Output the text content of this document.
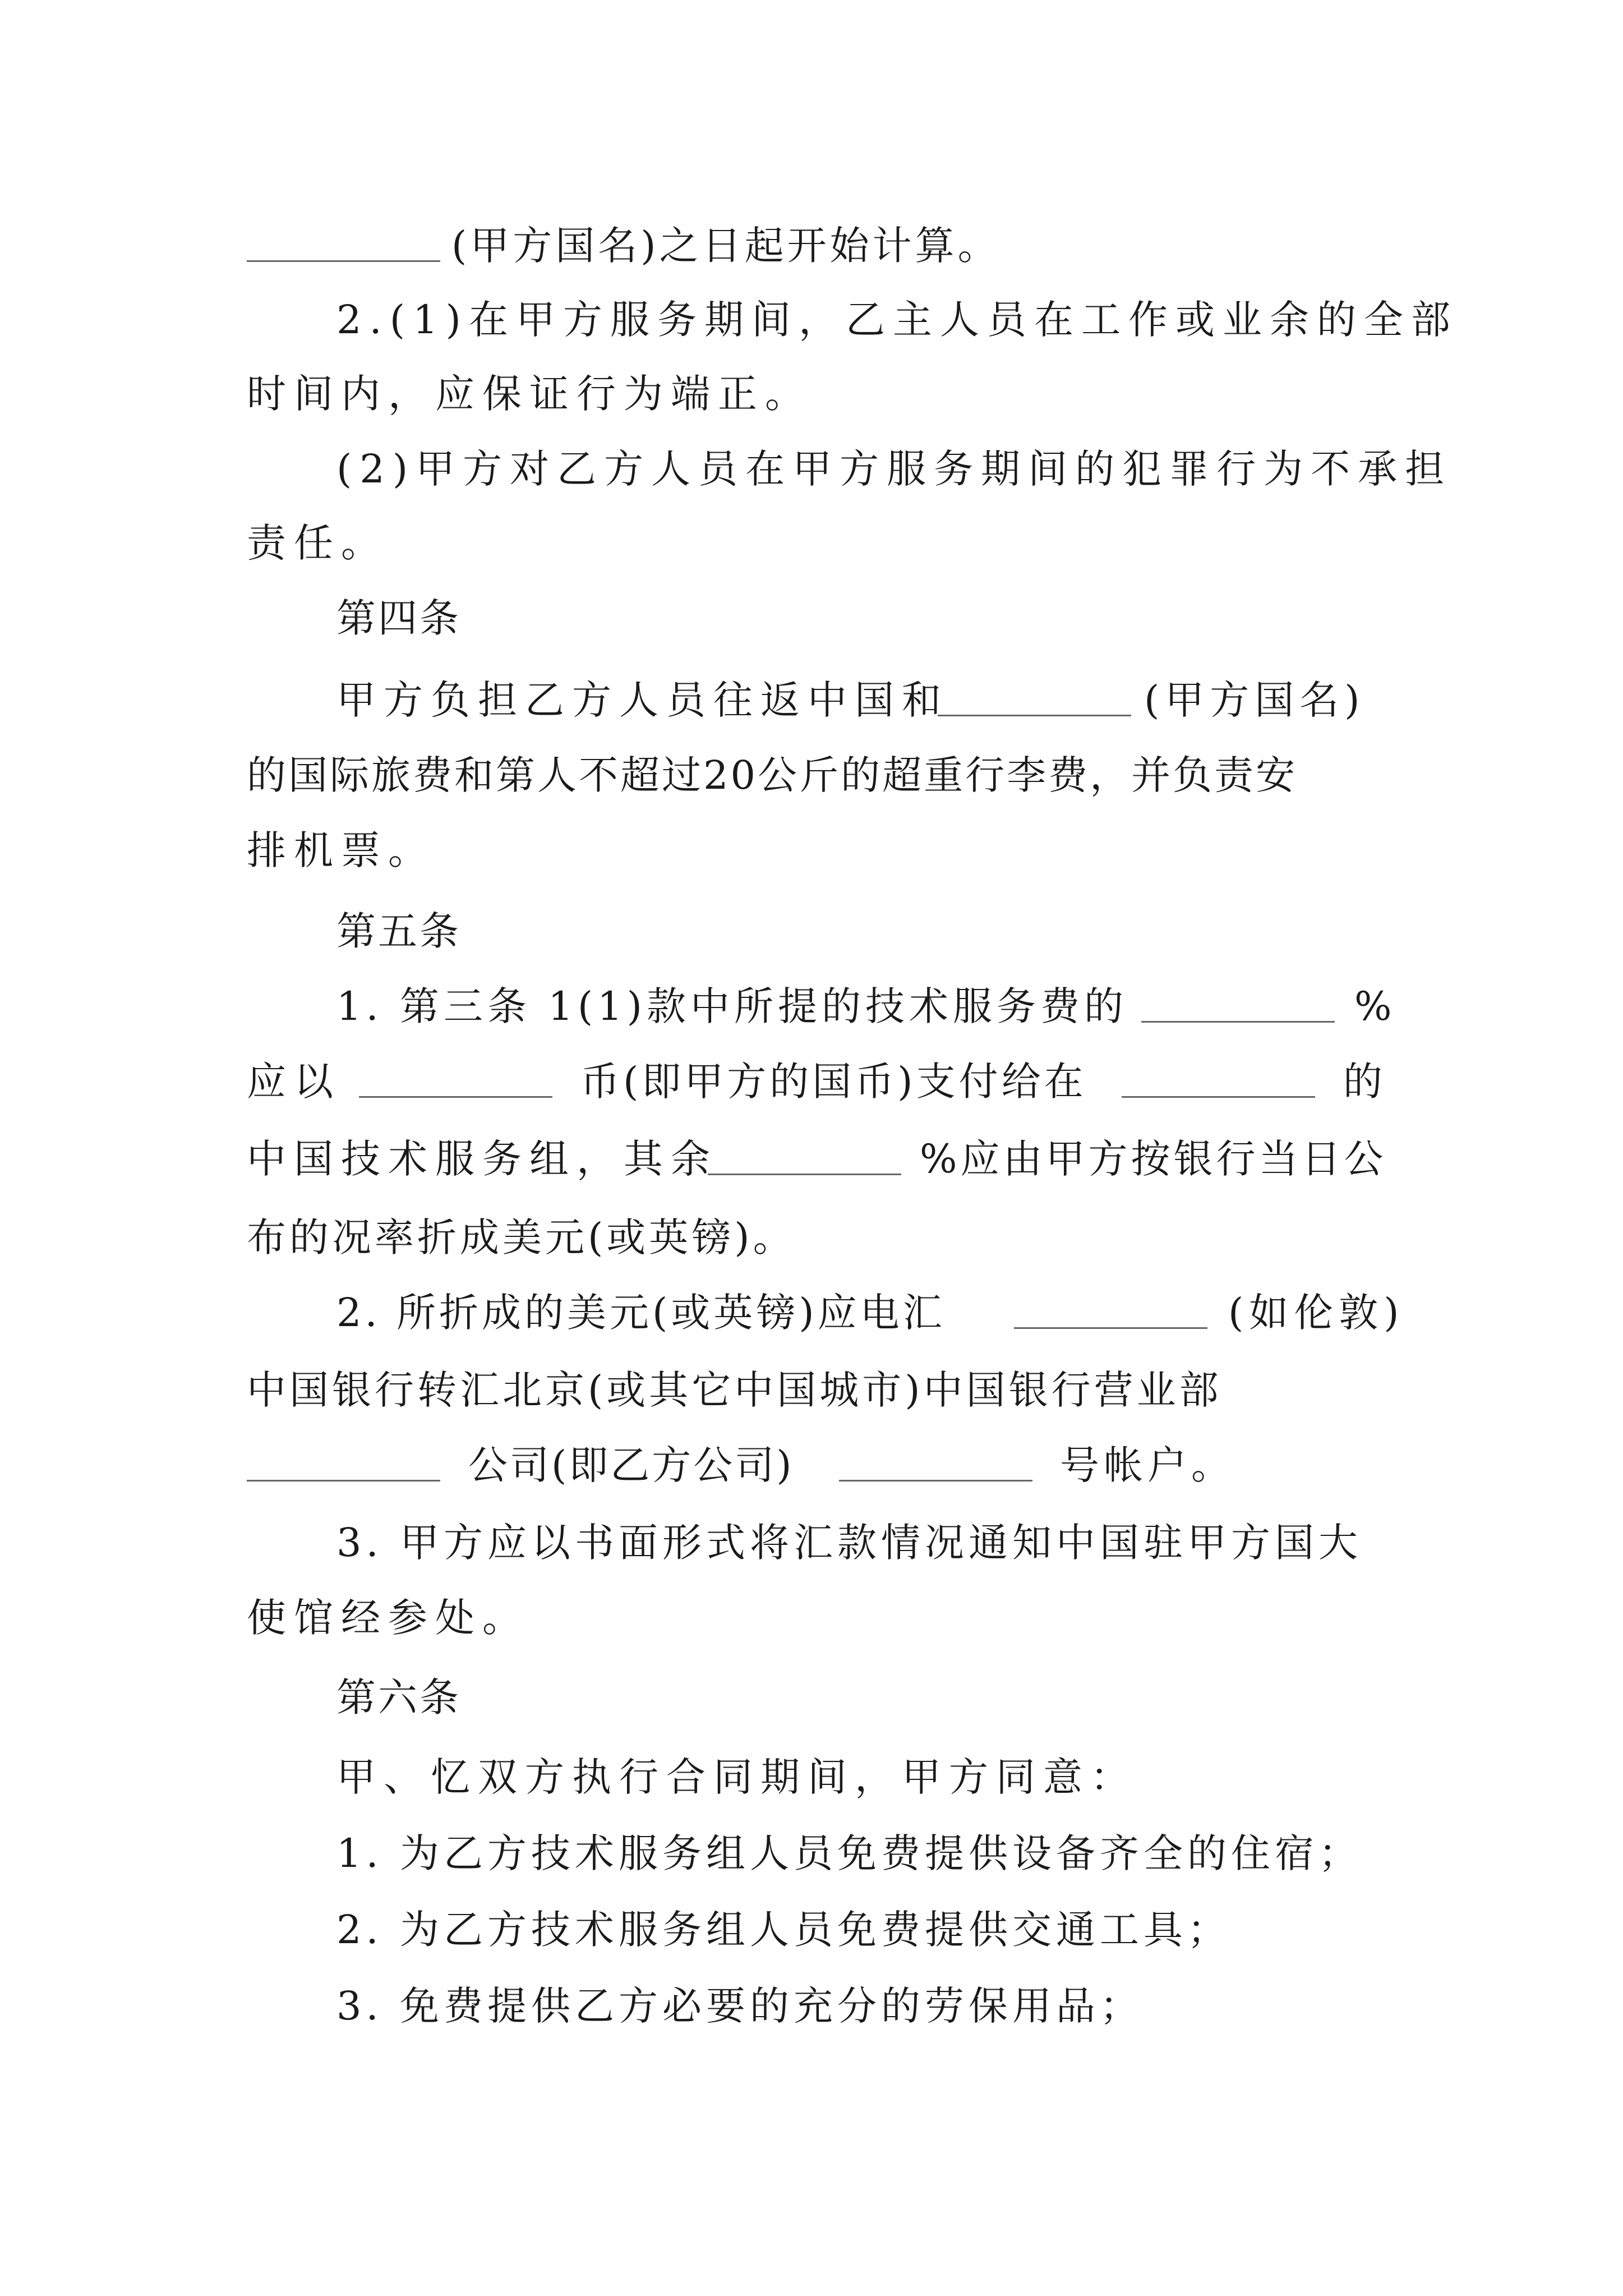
(甲方国名)之日起开始计算。
2.(1)在甲方服务期间，乙主人员在工作或业余的全部
时间内，应保证行为端正。
(2)甲方对乙方人员在甲方服务期间的犯罪行为不承担
责任。
第四条
甲方负担乙方人员往返中国和	(甲方国名)
的国际旅费和第人不超过20公斤的超重行李费，并负责安
排机票。
第五条
1. 第三条 1(1)款中所提的技术服务费的	%
应以	币(即甲方的国币)支付给在	的
中国技术服务组，其余	%应由甲方按银行当日公
布的况率折成美元(或英镑)。
2. 所折成的美元(或英镑)应电汇	(如伦敦)
中国银行转汇北京(或其它中国城市)中国银行营业部
公司(即乙方公司)	号帐户。
3. 甲方应以书面形式将汇款情况通知中国驻甲方国大
使馆经参处。
第六条
甲、忆双方执行合同期间，甲方同意：
1. 为乙方技术服务组人员免费提供设备齐全的住宿；
2. 为乙方技术服务组人员免费提供交通工具；
3. 免费提供乙方必要的充分的劳保用品；
